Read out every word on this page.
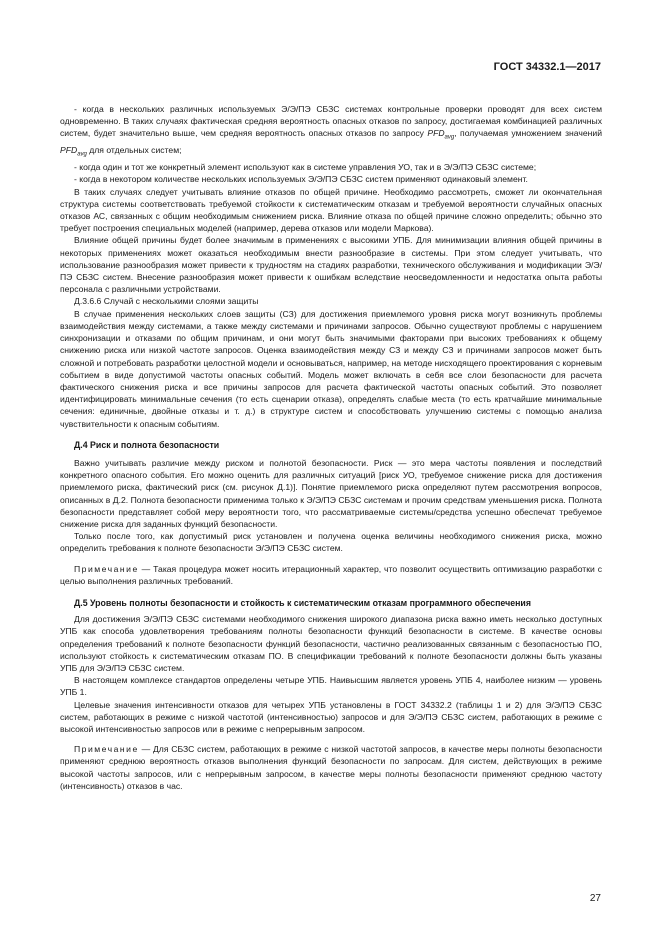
ГОСТ 34332.1—2017

- когда в нескольких различных используемых Э/Э/ПЭ СБЗС системах контрольные проверки проводят для всех систем одновременно. В таких случаях фактическая средняя вероятность опасных отказов по запросу, достигаемая комбинацией различных систем, будет значительно выше, чем средняя вероятность опасных отказов по запросу $PFD_{avg}$, получаемая умножением значений $PFD_{avg}$ для отдельных систем;

- когда один и тот же конкретный элемент используют как в системе управления УО, так и в Э/Э/ПЭ СБЗС системе;

- когда в некотором количестве нескольких используемых Э/Э/ПЭ СБЗС систем применяют одинаковый элемент.

В таких случаях следует учитывать влияние отказов по общей причине. Необходимо рассмотреть, сможет ли окончательная структура системы соответствовать требуемой стойкости к систематическим отказам и требуемой вероятности случайных опасных отказов АС, связанных с общим необходимым снижением риска. Влияние отказа по общей причине сложно определить; обычно это требует построения специальных моделей (например, дерева отказов или модели Маркова).

Влияние общей причины будет более значимым в применениях с высокими УПБ. Для минимизации влияния общей причины в некоторых применениях может оказаться необходимым внести разнообразие в системы. При этом следует учитывать, что использование разнообразия может привести к трудностям на стадиях разработки, технического обслуживания и модификации Э/Э/ПЭ СБЗС систем. Внесение разнообразия может привести к ошибкам вследствие неосведомленности и недостатка опыта работы персонала с различными устройствами.

Д.3.6.6 Случай с несколькими слоями защиты

В случае применения нескольких слоев защиты (СЗ) для достижения приемлемого уровня риска могут возникнуть проблемы взаимодействия между системами, а также между системами и причинами запросов. Обычно существуют проблемы с нарушением синхронизации и отказами по общим причинам, и они могут быть значимыми факторами при высоких требованиях к общему снижению риска или низкой частоте запросов. Оценка взаимодействия между СЗ и между СЗ и причинами запросов может быть сложной и потребовать разработки целостной модели и основываться, например, на методе нисходящего проектирования с корневым событием в виде допустимой частоты опасных событий. Модель может включать в себя все слои безопасности для расчета фактического снижения риска и все причины запросов для расчета фактической частоты опасных событий. Это позволяет идентифицировать минимальные сечения (то есть сценарии отказа), определять слабые места (то есть кратчайшие минимальные сечения: единичные, двойные отказы и т. д.) в структуре систем и способствовать улучшению системы с помощью анализа чувствительности к опасным событиям.

Д.4 Риск и полнота безопасности

Важно учитывать различие между риском и полнотой безопасности. Риск — это мера частоты появления и последствий конкретного опасного события. Его можно оценить для различных ситуаций [риск УО, требуемое снижение риска для достижения приемлемого риска, фактический риск (см. рисунок Д.1)]. Понятие приемлемого риска определяют путем рассмотрения вопросов, описанных в Д.2. Полнота безопасности применима только к Э/Э/ПЭ СБЗС системам и прочим средствам уменьшения риска. Полнота безопасности представляет собой меру вероятности того, что рассматриваемые системы/средства успешно обеспечат требуемое снижение риска для заданных функций безопасности.

Только после того, как допустимый риск установлен и получена оценка величины необходимого снижения риска, можно определить требования к полноте безопасности Э/Э/ПЭ СБЗС систем.

Примечание — Такая процедура может носить итерационный характер, что позволит осуществить оптимизацию разработки с целью выполнения различных требований.

Д.5 Уровень полноты безопасности и стойкость к систематическим отказам программного обеспечения

Для достижения Э/Э/ПЭ СБЗС системами необходимого снижения широкого диапазона риска важно иметь несколько доступных УПБ как способа удовлетворения требованиям полноты безопасности функций безопасности в системе. В качестве основы определения требований к полноте безопасности функций безопасности, частично реализованных связанным с безопасностью ПО, используют стойкость к систематическим отказам ПО. В спецификации требований к полноте безопасности должны быть указаны УПБ для Э/Э/ПЭ СБЗС систем.

В настоящем комплексе стандартов определены четыре УПБ. Наивысшим является уровень УПБ 4, наиболее низким — уровень УПБ 1.

Целевые значения интенсивности отказов для четырех УПБ установлены в ГОСТ 34332.2 (таблицы 1 и 2) для Э/Э/ПЭ СБЗС систем, работающих в режиме с низкой частотой (интенсивностью) запросов и для Э/Э/ПЭ СБЗС систем, работающих в режиме с высокой интенсивностью запросов или в режиме с непрерывным запросом.

Примечание — Для СБЗС систем, работающих в режиме с низкой частотой запросов, в качестве меры полноты безопасности применяют среднюю вероятность отказов выполнения функций безопасности по запросам. Для систем, действующих в режиме высокой частоты запросов, или с непрерывным запросом, в качестве меры полноты безопасности применяют среднюю частоту (интенсивность) отказов в час.

27
